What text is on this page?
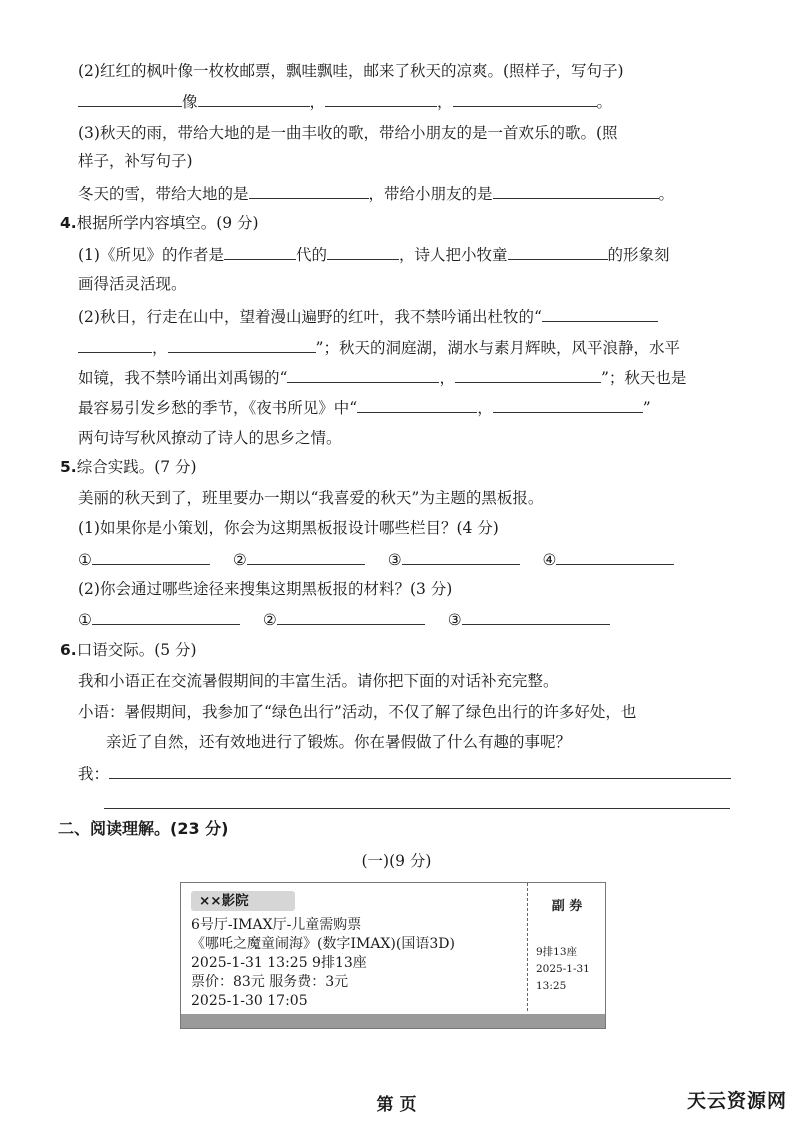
(2)红红的枫叶像一枚枚邮票，飘哇飘哇，邮来了秋天的凉爽。(照样子，写句子)
像	，	，	。
(3)秋天的雨，带给大地的是一曲丰收的歌，带给小朋友的是一首欢乐的歌。(照
样子，补写句子)
冬天的雪，带给大地的是	，带给小朋友的是	。
4.根据所学内容填空。(9 分)
(1)《所见》的作者是	代的	，诗人把小牧童	的形象刻
画得活灵活现。
(2)秋日，行走在山中，望着漫山遍野的红叶，我不禁吟诵出杜牧的“
，	”；秋天的洞庭湖，湖水与素月辉映，风平浪静，水平
如镜，我不禁吟诵出刘禹锡的“	，	”；秋天也是
最容易引发乡愁的季节，《夜书所见》中“	，	”
两句诗写秋风撩动了诗人的思乡之情。
5.综合实践。(7 分)
美丽的秋天到了，班里要办一期以“我喜爱的秋天”为主题的黑板报。
(1)如果你是小策划，你会为这期黑板报设计哪些栏目？(4 分)
①	②	③	④
(2)你会通过哪些途径来搜集这期黑板报的材料？(3 分)
①	②	③
6.口语交际。(5 分)
我和小语正在交流暑假期间的丰富生活。请你把下面的对话补充完整。
小语：暑假期间，我参加了“绿色出行”活动，不仅了解了绿色出行的许多好处，也
亲近了自然，还有效地进行了锻炼。你在暑假做了什么有趣的事呢？
我：
二、阅读理解。(23 分)
(一)(9 分)
××影院
6号厅-IMAX厅-儿童需购票
《哪吒之魔童闹海》(数字IMAX)(国语3D)
2025-1-31 13:25 9排13座
票价：83元 服务费：3元
2025-1-30 17:05
副 券
9排13座
2025-1-31
13:25
第 页	天云资源网
